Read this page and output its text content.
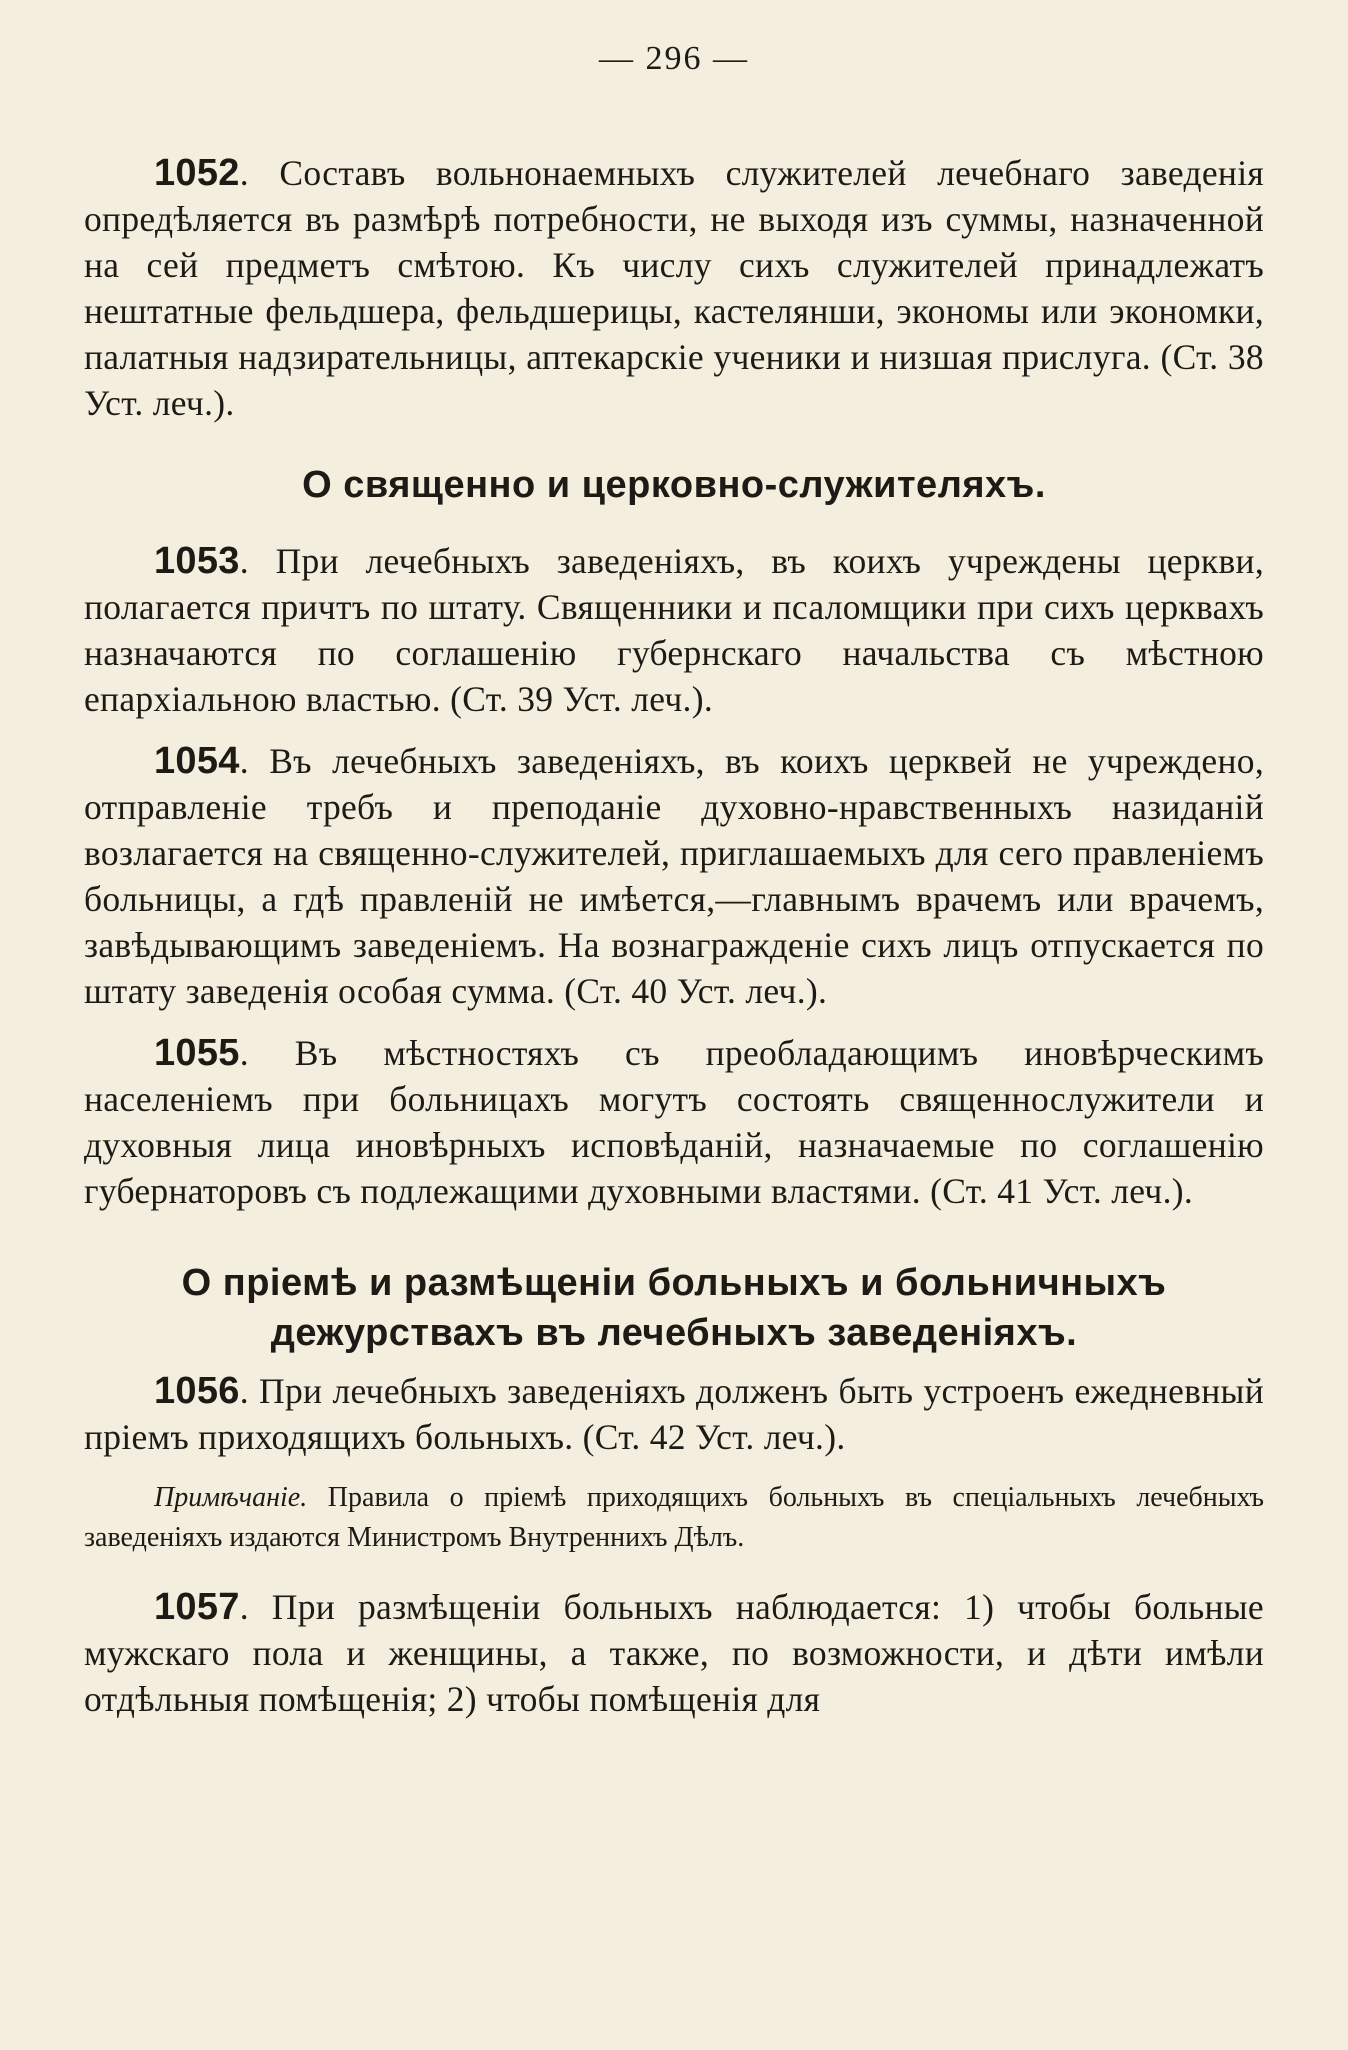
— 296 —

1052. Составъ вольнонаемныхъ служителей лечебнаго заведенія опредѣляется въ размѣрѣ потребности, не выходя изъ суммы, назначенной на сей предметъ смѣтою. Къ числу сихъ служителей принадлежатъ нештатные фельдшера, фельдшерицы, кастелянши, экономы или экономки, палатныя надзирательницы, аптекарскіе ученики и низшая прислуга. (Ст. 38 Уст. леч.).

О священно и церковно-служителяхъ.

1053. При лечебныхъ заведеніяхъ, въ коихъ учреждены церкви, полагается причтъ по штату. Священники и псаломщики при сихъ церквахъ назначаются по соглашенію губернскаго начальства съ мѣстною епархіальною властью. (Ст. 39 Уст. леч.).

1054. Въ лечебныхъ заведеніяхъ, въ коихъ церквей не учреждено, отправленіе требъ и преподаніе духовно-нравственныхъ назиданій возлагается на священно-служителей, приглашаемыхъ для сего правленіемъ больницы, а гдѣ правленій не имѣется,—главнымъ врачемъ или врачемъ, завѣдывающимъ заведеніемъ. На вознагражденіе сихъ лицъ отпускается по штату заведенія особая сумма. (Ст. 40 Уст. леч.).

1055. Въ мѣстностяхъ съ преобладающимъ иновѣрческимъ населеніемъ при больницахъ могутъ состоять священнослужители и духовныя лица иновѣрныхъ исповѣданій, назначаемые по соглашенію губернаторовъ съ подлежащими духовными властями. (Ст. 41 Уст. леч.).

О пріемѣ и размѣщеніи больныхъ и больничныхъ дежурствахъ въ лечебныхъ заведеніяхъ.

1056. При лечебныхъ заведеніяхъ долженъ быть устроенъ ежедневный пріемъ приходящихъ больныхъ. (Ст. 42 Уст. леч.).

Примѣчаніе. Правила о пріемѣ приходящихъ больныхъ въ спеціальныхъ лечебныхъ заведеніяхъ издаются Министромъ Внутреннихъ Дѣлъ.

1057. При размѣщеніи больныхъ наблюдается: 1) чтобы больные мужскаго пола и женщины, а также, по возможности, и дѣти имѣли отдѣльныя помѣщенія; 2) чтобы помѣщенія для
